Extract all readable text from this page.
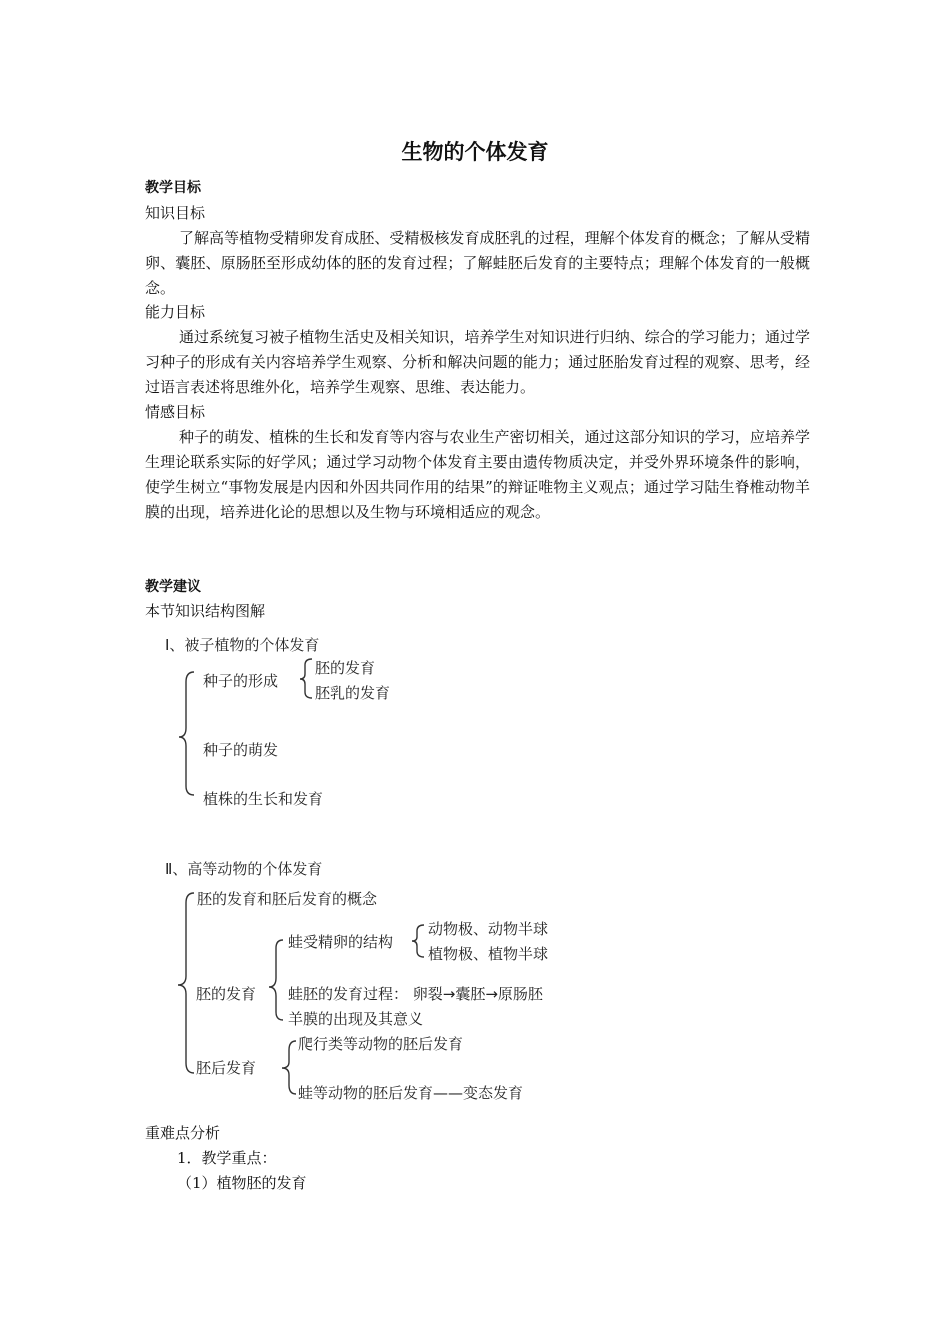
生物的个体发育
教学目标
知识目标
了解高等植物受精卵发育成胚、受精极核发育成胚乳的过程，理解个体发育的概念；了解从受精卵、囊胚、原肠胚至形成幼体的胚的发育过程；了解蛙胚后发育的主要特点；理解个体发育的一般概念。
能力目标
通过系统复习被子植物生活史及相关知识，培养学生对知识进行归纳、综合的学习能力；通过学习种子的形成有关内容培养学生观察、分析和解决问题的能力；通过胚胎发育过程的观察、思考，经过语言表述将思维外化，培养学生观察、思维、表达能力。
情感目标
种子的萌发、植株的生长和发育等内容与农业生产密切相关，通过这部分知识的学习，应培养学生理论联系实际的好学风；通过学习动物个体发育主要由遗传物质决定，并受外界环境条件的影响，使学生树立“事物发展是内因和外因共同作用的结果”的辩证唯物主义观点；通过学习陆生脊椎动物羊膜的出现，培养进化论的思想以及生物与环境相适应的观念。
教学建议
本节知识结构图解
Ⅰ、被子植物的个体发育
种子的形成
胚的发育
胚乳的发育
种子的萌发
植株的生长和发育
Ⅱ、高等动物的个体发育
胚的发育和胚后发育的概念
蛙受精卵的结构
动物极、动物半球
植物极、植物半球
胚的发育 蛙胚的发育过程： 卵裂→囊胚→原肠胚
羊膜的出现及其意义
胚后发育
爬行类等动物的胚后发育
蛙等动物的胚后发育——变态发育
重难点分析
1．教学重点：
（1）植物胚的发育
